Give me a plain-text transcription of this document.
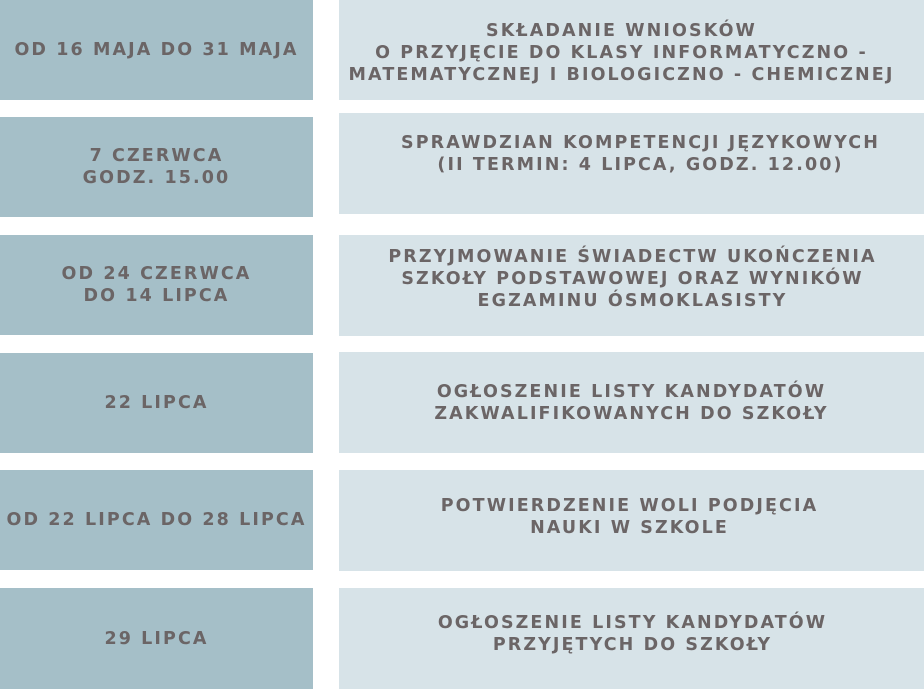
OD 16 MAJA DO 31 MAJA
SKŁADANIE WNIOSKÓW
O PRZYJĘCIE DO KLASY INFORMATYCZNO -
MATEMATYCZNEJ I BIOLOGICZNO - CHEMICZNEJ
7 CZERWCA
GODZ. 15.00
SPRAWDZIAN KOMPETENCJI JĘZYKOWYCH
(II TERMIN: 4 LIPCA, GODZ. 12.00)
OD 24 CZERWCA
DO 14 LIPCA
PRZYJMOWANIE ŚWIADECTW UKOŃCZENIA
SZKOŁY PODSTAWOWEJ ORAZ WYNIKÓW
EGZAMINU ÓSMOKLASISTY
22 LIPCA
OGŁOSZENIE LISTY KANDYDATÓW
ZAKWALIFIKOWANYCH DO SZKOŁY
OD 22 LIPCA DO 28 LIPCA
POTWIERDZENIE WOLI PODJĘCIA
NAUKI W SZKOLE
29 LIPCA
OGŁOSZENIE LISTY KANDYDATÓW
PRZYJĘTYCH DO SZKOŁY
